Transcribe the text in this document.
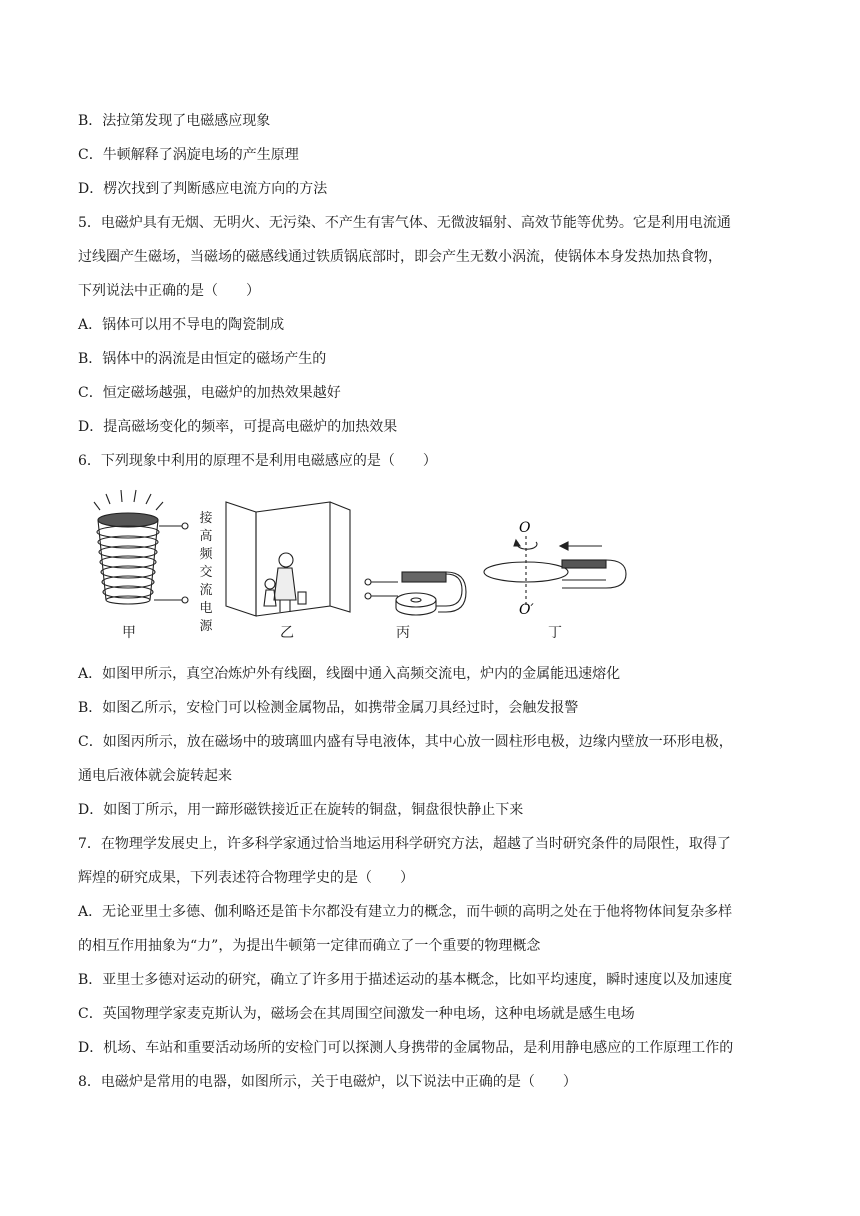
B．法拉第发现了电磁感应现象
C．牛顿解释了涡旋电场的产生原理
D．楞次找到了判断感应电流方向的方法
5．电磁炉具有无烟、无明火、无污染、不产生有害气体、无微波辐射、高效节能等优势。它是利用电流通
过线圈产生磁场，当磁场的磁感线通过铁质锅底部时，即会产生无数小涡流，使锅体本身发热加热食物，
下列说法中正确的是（　　）
A．锅体可以用不导电的陶瓷制成
B．锅体中的涡流是由恒定的磁场产生的
C．恒定磁场越强，电磁炉的加热效果越好
D．提高磁场变化的频率，可提高电磁炉的加热效果
6．下列现象中利用的原理不是利用电磁感应的是（　　）
O
O′
接高频交流电源
甲	乙	丙	丁
A．如图甲所示，真空冶炼炉外有线圈，线圈中通入高频交流电，炉内的金属能迅速熔化
B．如图乙所示，安检门可以检测金属物品，如携带金属刀具经过时，会触发报警
C．如图丙所示，放在磁场中的玻璃皿内盛有导电液体，其中心放一圆柱形电极，边缘内壁放一环形电极，
通电后液体就会旋转起来
D．如图丁所示，用一蹄形磁铁接近正在旋转的铜盘，铜盘很快静止下来
7．在物理学发展史上，许多科学家通过恰当地运用科学研究方法，超越了当时研究条件的局限性，取得了
辉煌的研究成果，下列表述符合物理学史的是（　　）
A．无论亚里士多德、伽利略还是笛卡尔都没有建立力的概念，而牛顿的高明之处在于他将物体间复杂多样
的相互作用抽象为“力”，为提出牛顿第一定律而确立了一个重要的物理概念
B．亚里士多德对运动的研究，确立了许多用于描述运动的基本概念，比如平均速度，瞬时速度以及加速度
C．英国物理学家麦克斯认为，磁场会在其周围空间激发一种电场，这种电场就是感生电场
D．机场、车站和重要活动场所的安检门可以探测人身携带的金属物品，是利用静电感应的工作原理工作的
8．电磁炉是常用的电器，如图所示，关于电磁炉，以下说法中正确的是（　　）
